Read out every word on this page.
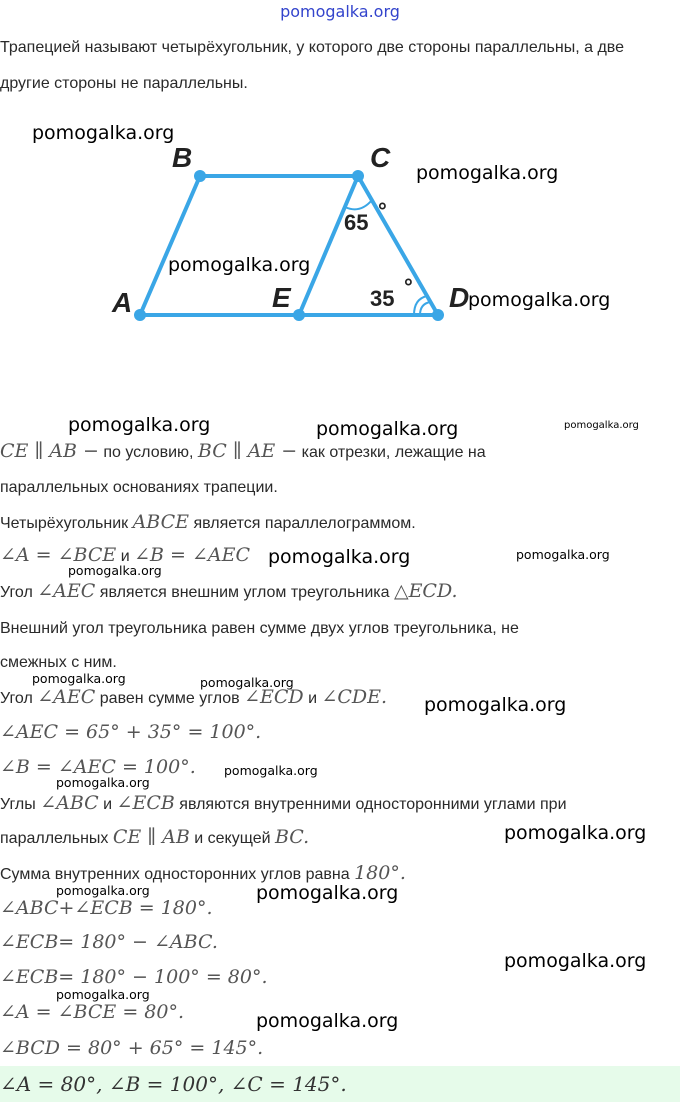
pomogalka.org
Трапецией называют четырёхугольник, у которого две стороны параллельны, а две другие стороны не параллельны.
A
B	C
D
E
65 °
35 °
CE ∥ AB − по условию, BC ∥ AE − как отрезки, лежащие на
параллельных основаниях трапеции.
Четырёхугольник ABCE является параллелограммом.
∠A = ∠BCE и ∠B = ∠AEC
Угол ∠AEC является внешним углом треугольника △ECD.
Внешний угол треугольника равен сумме двух углов треугольника, не
смежных с ним.
Угол ∠AEC равен сумме углов ∠ECD и ∠CDE.
∠AEC = 65° + 35° = 100°.
∠B = ∠AEC = 100°.
Углы ∠ABC и ∠ECB являются внутренними односторонними углами при
параллельных CE ∥ AB и секущей BC.
Сумма внутренних односторонних углов равна 180°.
∠ABC+∠ECB = 180°.
∠ECB= 180° − ∠ABC.
∠ECB= 180° − 100° = 80°.
∠A = ∠BCE = 80°.
∠BCD = 80° + 65° = 145°.
∠A = 80°, ∠B = 100°, ∠C = 145°.
pomogalka.org
pomogalka.org
pomogalka.org
pomogalka.org
pomogalka.org	pomogalka.org	pomogalka.org
pomogalka.org	pomogalka.org
pomogalka.org
pomogalka.org	pomogalka.org
pomogalka.org
pomogalka.org
pomogalka.org
pomogalka.org
pomogalka.org
pomogalka.org
pomogalka.org
pomogalka.org
pomogalka.org
